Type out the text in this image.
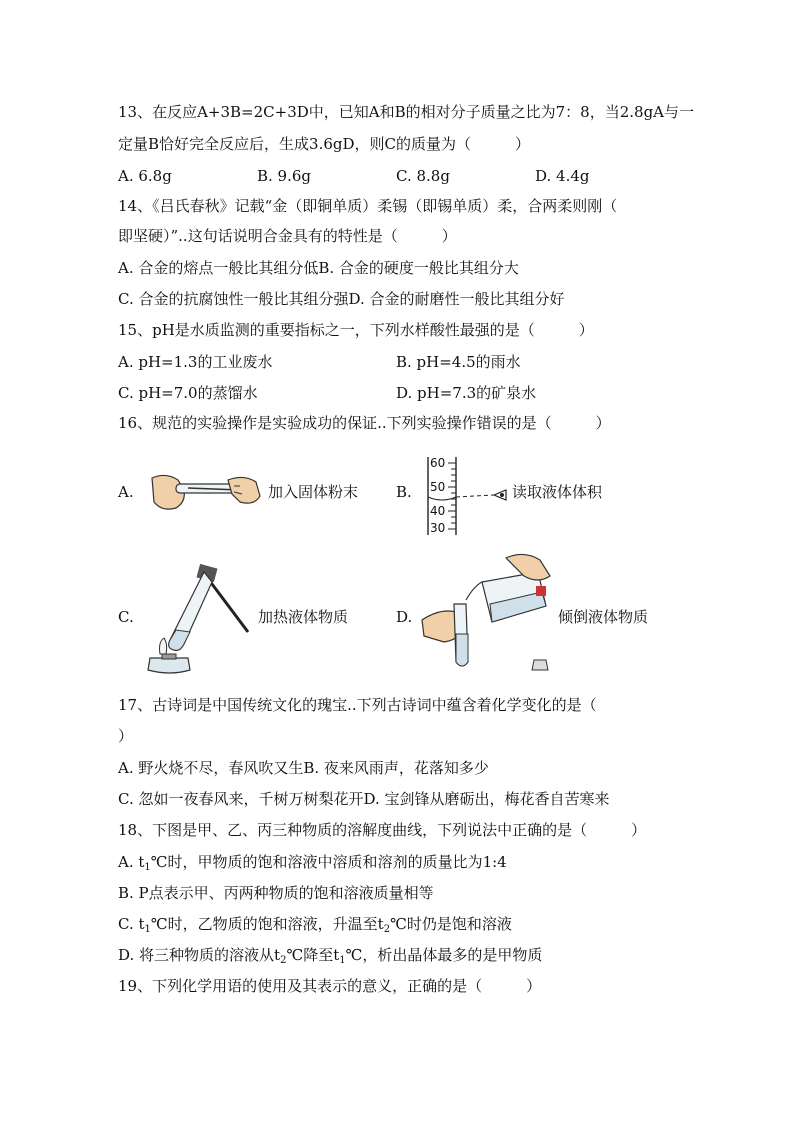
13、在反应A+3B=2C+3D中，已知A和B的相对分子质量之比为7：8，当2.8gA与一
定量B恰好完全反应后，生成3.6gD，则C的质量为（	）
A. 6.8g	B. 9.6g	C. 8.8g	D. 4.4g
14、《吕氏春秋》记载“金（即铜单质）柔锡（即锡单质）柔，合两柔则刚（
即坚硬）”..这句话说明合金具有的特性是（	）
A. 合金的熔点一般比其组分低B. 合金的硬度一般比其组分大
C. 合金的抗腐蚀性一般比其组分强D. 合金的耐磨性一般比其组分好
15、pH是水质监测的重要指标之一，下列水样酸性最强的是（	）
A. pH=1.3的工业废水	B. pH=4.5的雨水
C. pH=7.0的蒸馏水	D. pH=7.3的矿泉水
16、规范的实验操作是实验成功的保证..下列实验操作错误的是（	）
A.	加入固体粉末	B.
60
50
40
30
读取液体体积
C.	加热液体物质	D.	倾倒液体物质
17、古诗词是中国传统文化的瑰宝..下列古诗词中蕴含着化学变化的是（
）
A. 野火烧不尽，春风吹又生B. 夜来风雨声，花落知多少
C. 忽如一夜春风来，千树万树梨花开D. 宝剑锋从磨砺出，梅花香自苦寒来
18、下图是甲、乙、丙三种物质的溶解度曲线，下列说法中正确的是（	）
A. $t_1℃$时，甲物质的饱和溶液中溶质和溶剂的质量比为1:4
B. P点表示甲、丙两种物质的饱和溶液质量相等
C. $t_1℃$时，乙物质的饱和溶液，升温至$t_2℃$时仍是饱和溶液
D. 将三种物质的溶液从$t_2℃$降至$t_1℃$，析出晶体最多的是甲物质
19、下列化学用语的使用及其表示的意义，正确的是（	）
